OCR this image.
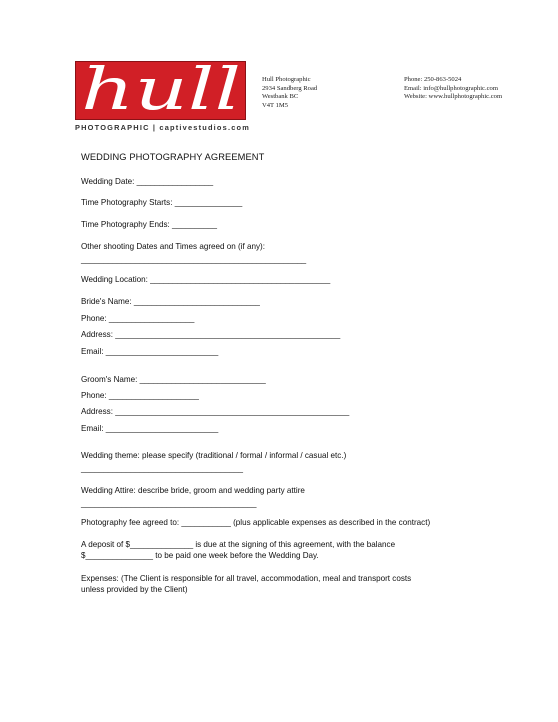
hull
PHOTOGRAPHIC | captivestudios.com
Hull Photographic
2934 Sandberg Road
Westbank BC
V4T 1M5
Phone: 250-863-5024
Email: info@hullphotographic.com
Website: www.hullphotographic.com
WEDDING PHOTOGRAPHY AGREEMENT
Wedding Date: _________________
Time Photography Starts: _______________
Time Photography Ends: __________
Other shooting Dates and Times agreed on (if any):
__________________________________________________
Wedding Location: ________________________________________
Bride's Name: ____________________________
Phone: ___________________
Address: __________________________________________________
Email: _________________________
Groom's Name: ____________________________
Phone: ____________________
Address: ____________________________________________________
Email: _________________________
Wedding theme: please specify (traditional / formal / informal / casual etc.)
____________________________________
Wedding Attire: describe bride, groom and wedding party attire
_______________________________________
Photography fee agreed to: ___________ (plus applicable expenses as described in the contract)
A deposit of $______________ is due at the signing of this agreement, with the balance
$_______________ to be paid one week before the Wedding Day.
Expenses: (The Client is responsible for all travel, accommodation, meal and transport costs
unless provided by the Client)
